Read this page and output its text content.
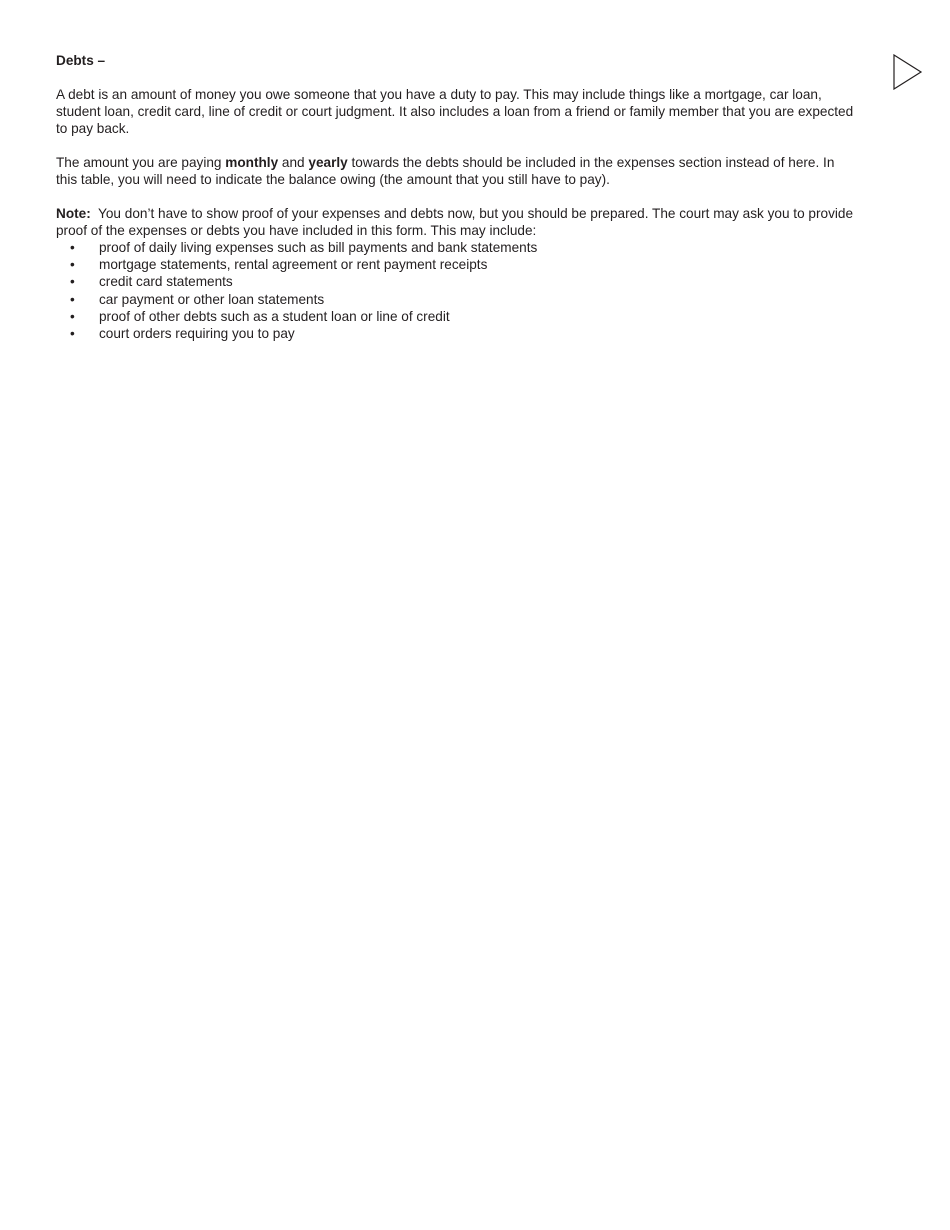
Debts –

A debt is an amount of money you owe someone that you have a duty to pay. This may include things like a mortgage, car loan, student loan, credit card, line of credit or court judgment. It also includes a loan from a friend or family member that you are expected to pay back.

The amount you are paying monthly and yearly towards the debts should be included in the expenses section instead of here. In this table, you will need to indicate the balance owing (the amount that you still have to pay).

Note:  You don’t have to show proof of your expenses and debts now, but you should be prepared. The court may ask you to provide proof of the expenses or debts you have included in this form. This may include:

• proof of daily living expenses such as bill payments and bank statements
• mortgage statements, rental agreement or rent payment receipts
• credit card statements
• car payment or other loan statements
• proof of other debts such as a student loan or line of credit
• court orders requiring you to pay
